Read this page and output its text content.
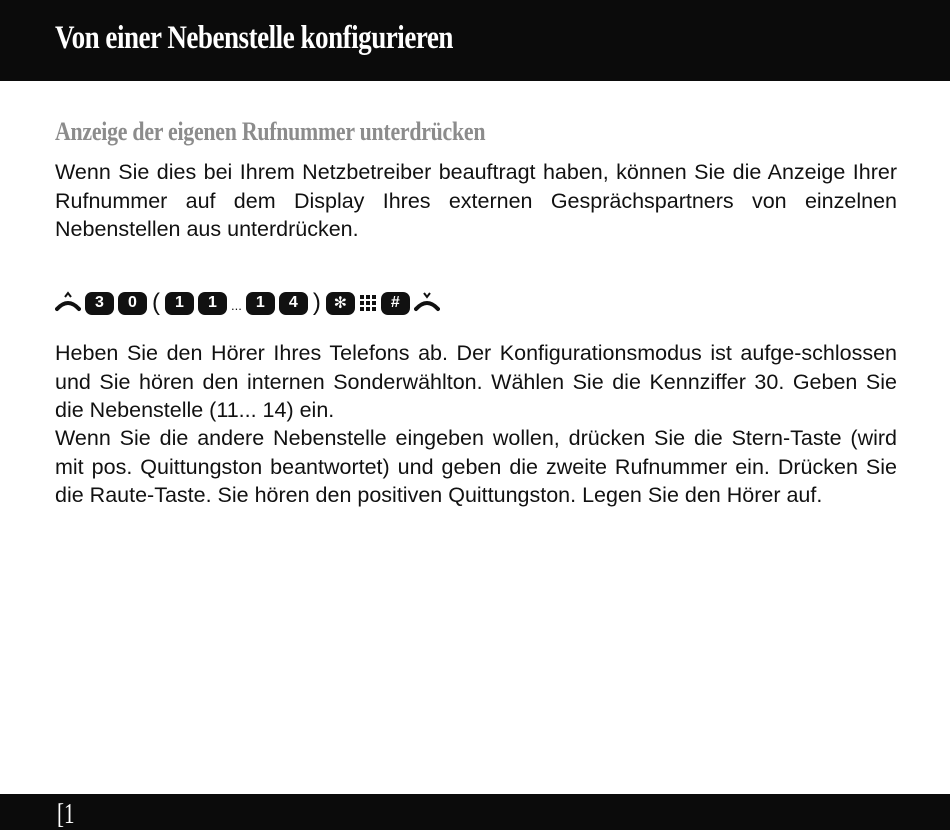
Von einer Nebenstelle konfigurieren
Anzeige der eigenen Rufnummer unterdrücken

Wenn Sie dies bei Ihrem Netzbetreiber beauftragt haben, können Sie die Anzeige Ihrer Rufnummer auf dem Display Ihres externen Gesprächspartners von einzelnen Nebenstellen aus unterdrücken.

3	0 ( 1	1	... 1	4 ) ✻	#

Heben Sie den Hörer Ihres Telefons ab. Der Konfigurationsmodus ist aufge-schlossen und Sie hören den internen Sonderwählton. Wählen Sie die Kennziffer 30. Geben Sie die Nebenstelle (11... 14) ein.

Wenn Sie die andere Nebenstelle eingeben wollen, drücken Sie die Stern-Taste (wird mit pos. Quittungston beantwortet) und geben die zweite Rufnummer ein. Drücken Sie die Raute-Taste. Sie hören den positiven Quittungston. Legen Sie den Hörer auf.

[1
